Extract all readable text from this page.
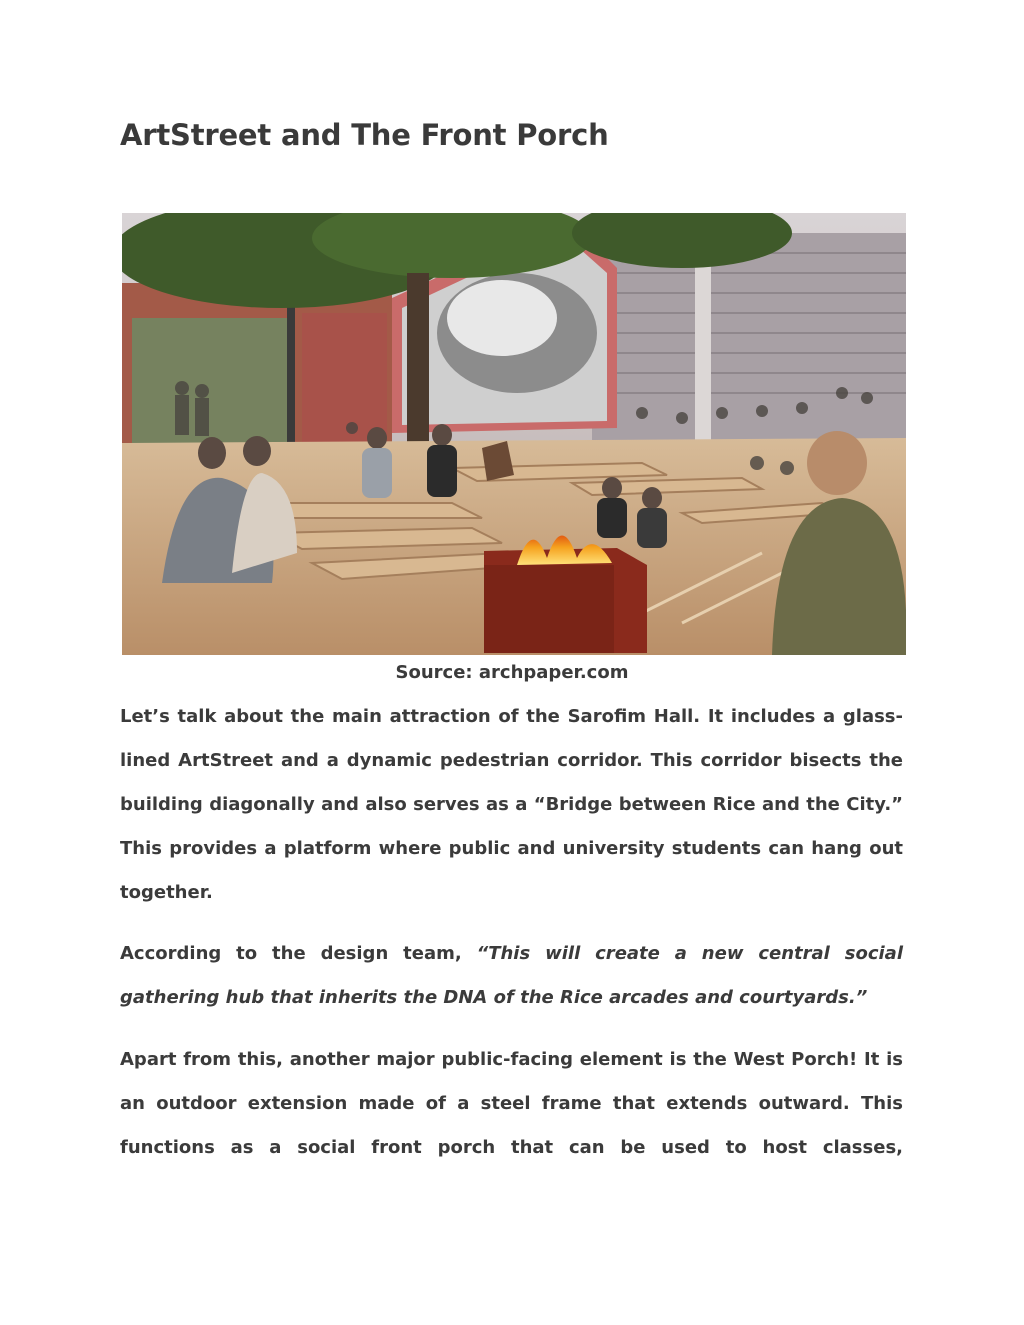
ArtStreet and The Front Porch
Source: archpaper.com

Let’s talk about the main attraction of the Sarofim Hall. It includes a glass-lined ArtStreet and a dynamic pedestrian corridor. This corridor bisects the building diagonally and also serves as a “Bridge between Rice and the City.” This provides a platform where public and university students can hang out together.

According to the design team, “This will create a new central social gathering hub that inherits the DNA of the Rice arcades and courtyards.”

Apart from this, another major public-facing element is the West Porch! It is an outdoor extension made of a steel frame that extends outward. This functions as a social front porch that can be used to host classes,
